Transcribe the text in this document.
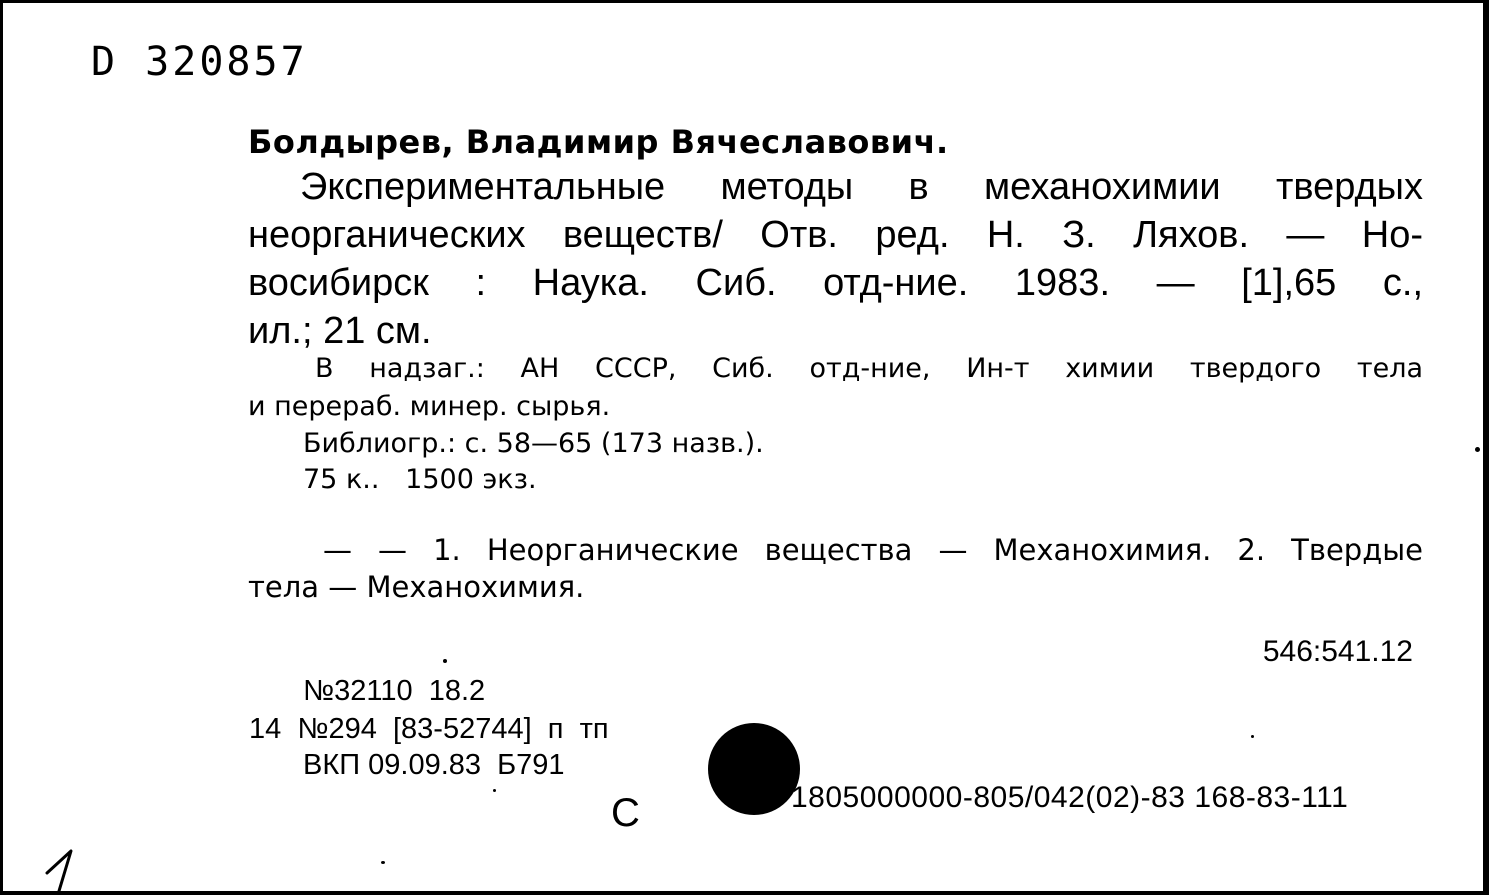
D 320857
Болдырев, Владимир Вячеславович.
Экспериментальные методы в механохимии твердых
неорганических веществ/ Отв. ред. Н. З. Ляхов. — Но-
восибирск : Наука. Сиб. отд-ние. 1983. — [1],65 с.,
ил.; 21 см.
В надзаг.: АН СССР, Сиб. отд-ние, Ин-т химии твердого тела
и перераб. минер. сырья.
Библиогр.: с. 58—65 (173 назв.).
75 к..   1500 экз.
— — 1. Неорганические вещества — Механохимия. 2. Твердые
тела — Механохимия.
546:541.12
№32110  18.2
14  №294  [83-52744]  п  тп
ВКП 09.09.83  Б791
С	1805000000-805/042(02)-83 168-83-111
